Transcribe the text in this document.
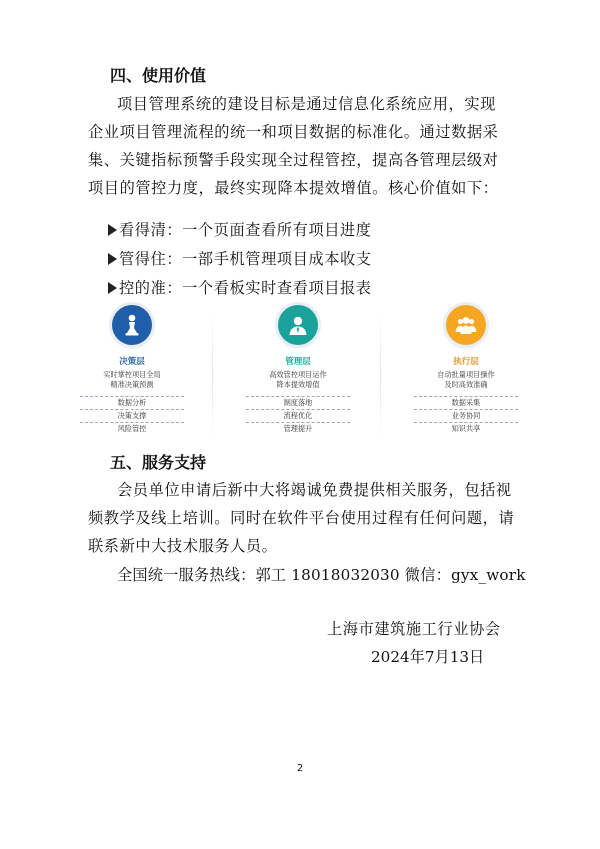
四、使用价值
项目管理系统的建设目标是通过信息化系统应用，实现
企业项目管理流程的统一和项目数据的标准化。通过数据采
集、关键指标预警手段实现全过程管控，提高各管理层级对
项目的管控力度，最终实现降本提效增值。核心价值如下：
看得清：一个页面查看所有项目进度
管得住：一部手机管理项目成本收支
控的准：一个看板实时查看项目报表
决策层
实时掌控项目全局
精准决策预测
数据分析
决策支撑
风险管控
管理层
高效管控项目运作
降本提效增值
制度落地
流程优化
管理提升
执行层
自动批量项目操作
及时高效准确
数据采集
业务协同
知识共享
五、服务支持
会员单位申请后新中大将竭诚免费提供相关服务，包括视
频教学及线上培训。同时在软件平台使用过程有任何问题，请
联系新中大技术服务人员。
全国统一服务热线：郭工 18018032030 微信：gyx_work
上海市建筑施工行业协会
2024年7月13日
2
